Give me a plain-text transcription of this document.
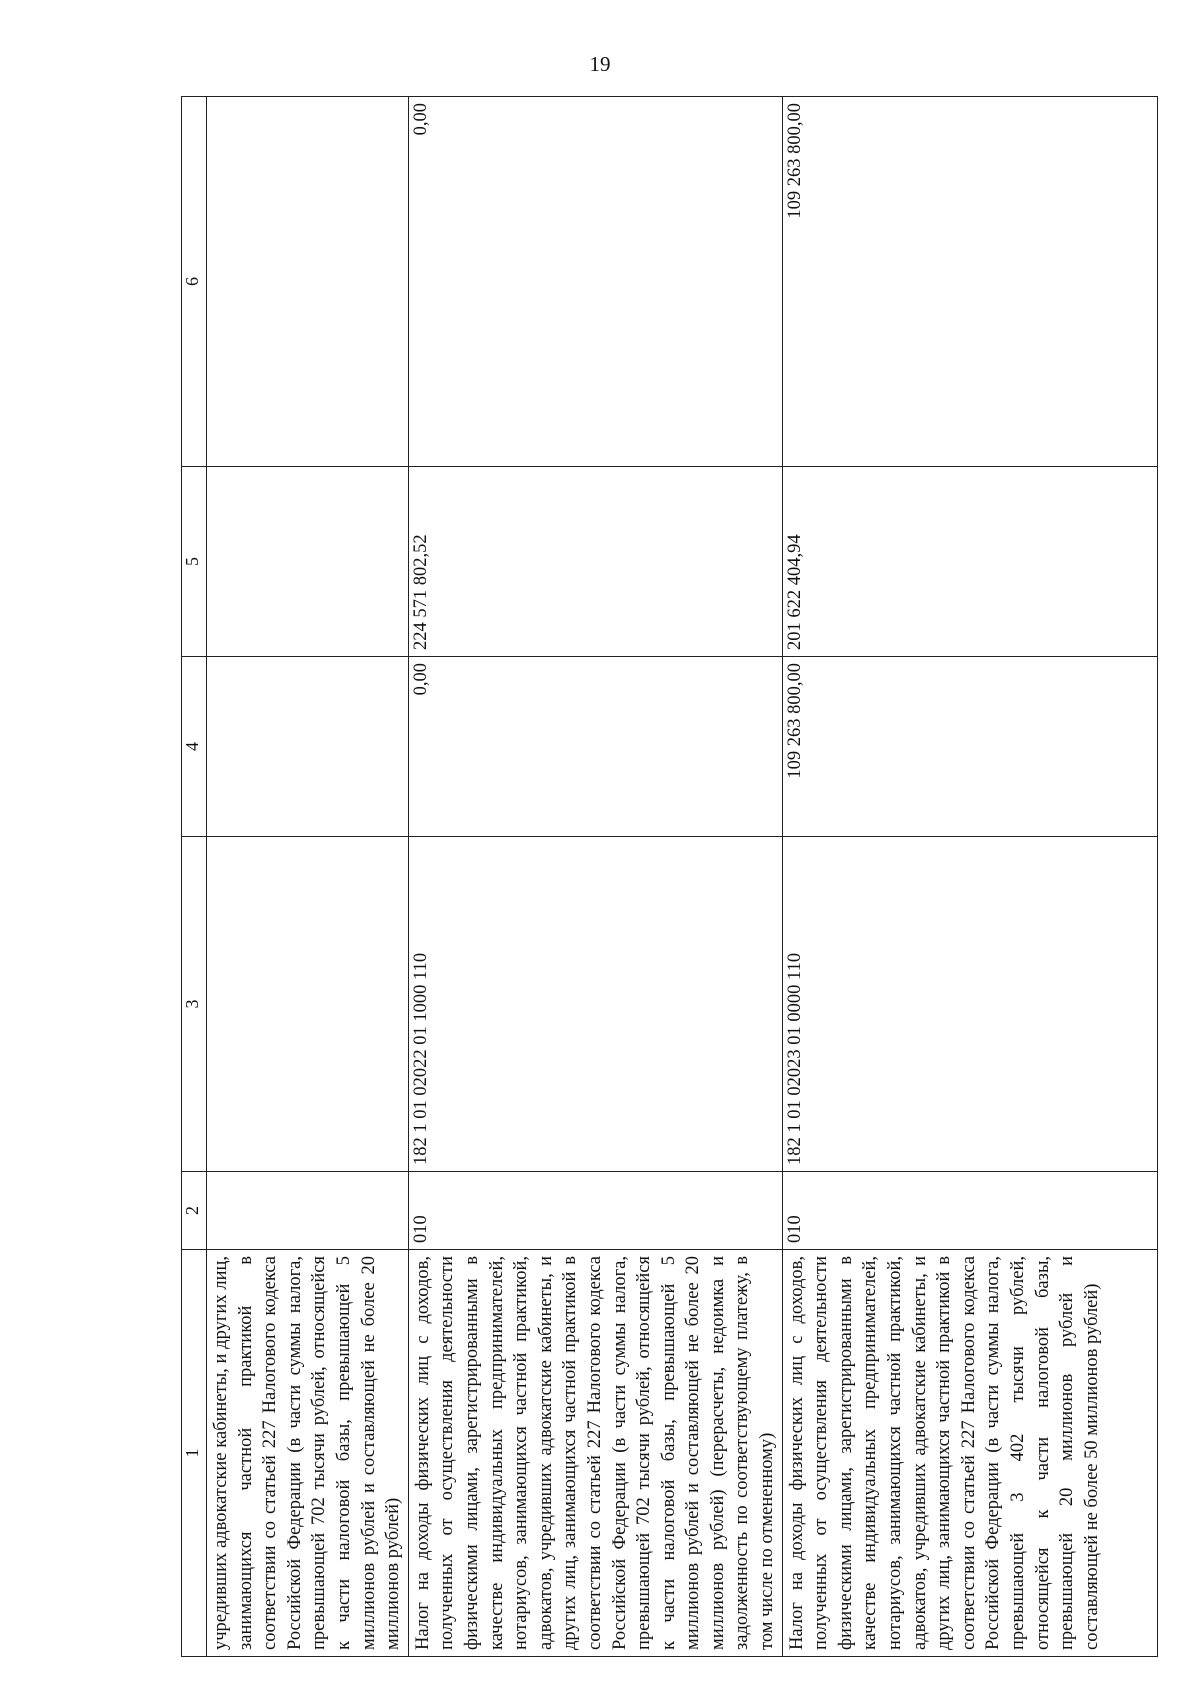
19
1	2	3	4	5	6
учредивших адвокатские кабинеты, и других лиц, занимающихся частной практикой в соответствии со статьей 227 Налогового кодекса Российской Федерации (в части суммы налога, превышающей 702 тысячи рублей, относящейся к части налоговой базы, превышающей 5 миллионов рублей и составляющей не более 20 миллионов рублей)					
Налог на доходы физических лиц с доходов, полученных от осуществления деятельности физическими лицами, зарегистрированными в качестве индивидуальных предпринимателей, нотариусов, занимающихся частной практикой, адвокатов, учредивших адвокатские кабинеты, и других лиц, занимающихся частной практикой в соответствии со статьей 227 Налогового кодекса Российской Федерации (в части суммы налога, превышающей 702 тысячи рублей, относящейся к части налоговой базы, превышающей 5 миллионов рублей и составляющей не более 20 миллионов рублей) (перерасчеты, недоимка и задолженность по соответствующему платежу, в том числе по отмененному)	010	182 1 01 02022 01 1000 110	0,00	224 571 802,52	0,00
Налог на доходы физических лиц с доходов, полученных от осуществления деятельности физическими лицами, зарегистрированными в качестве индивидуальных предпринимателей, нотариусов, занимающихся частной практикой, адвокатов, учредивших адвокатские кабинеты, и других лиц, занимающихся частной практикой в соответствии со статьей 227 Налогового кодекса Российской Федерации (в части суммы налога, превышающей 3 402 тысячи рублей, относящейся к части налоговой базы, превышающей 20 миллионов рублей и составляющей не более 50 миллионов рублей)	010	182 1 01 02023 01 0000 110	109 263 800,00	201 622 404,94	109 263 800,00
